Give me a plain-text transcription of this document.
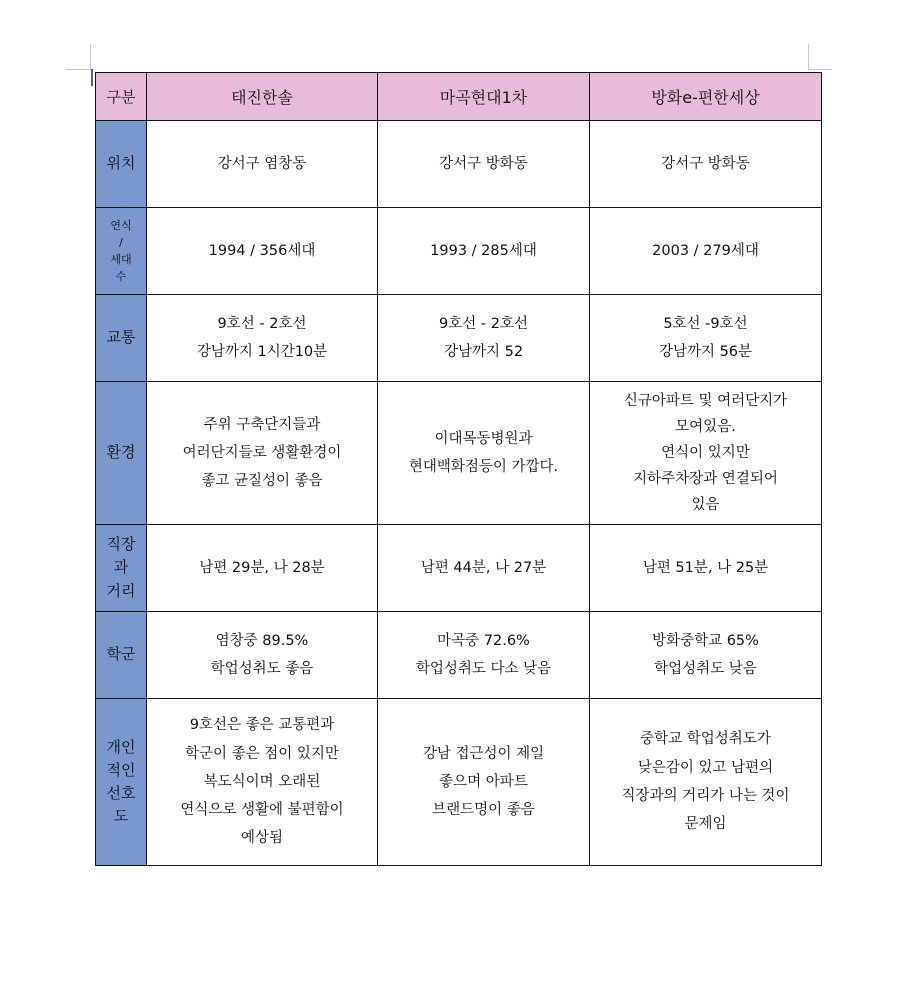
구분	태진한솔	마곡현대1차	방화e-편한세상

위치	강서구 염창동	강서구 방화동	강서구 방화동

연식
/
세대
수	1994 / 356세대	1993 / 285세대	2003 / 279세대

교통	9호선 - 2호선
강남까지 1시간10분	9호선 - 2호선
강남까지 52	5호선 -9호선
강남까지 56분

환경	주위 구축단지들과
여러단지들로 생활환경이
좋고 균질성이 좋음	이대목동병원과
현대백화점등이 가깝다.	신규아파트 및 여러단지가
모여있음.
연식이 있지만
지하주차장과 연결되어
있음

직장
과
거리	남편 29분, 나 28분	남편 44분, 나 27분	남편 51분, 나 25분

학군	염창중 89.5%
학업성취도 좋음	마곡중 72.6%
학업성취도 다소 낮음	방화중학교 65%
학업성취도 낮음

개인
적인
선호
도	9호선은 좋은 교통편과
학군이 좋은 점이 있지만
복도식이며 오래된
연식으로 생활에 불편함이
예상됨	강남 접근성이 제일
좋으며 아파트
브랜드명이 좋음	중학교 학업성취도가
낮은감이 있고 남편의
직장과의 거리가 나는 것이
문제임
